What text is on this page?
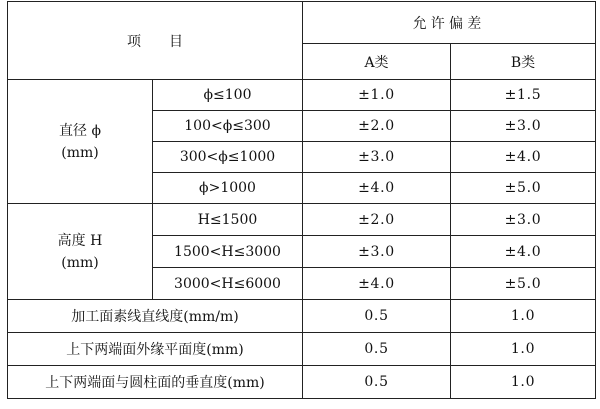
项　　目		允许偏差	
		A类	B类

直径 ϕ
(mm)	ϕ≤100	±1.0	±1.5
	100<ϕ≤300	±2.0	±3.0
	300<ϕ≤1000	±3.0	±4.0
	ϕ>1000	±4.0	±5.0

高度 H
(mm)	H≤1500	±2.0	±3.0
	1500<H≤3000	±3.0	±4.0
	3000<H≤6000	±4.0	±5.0
加工面素线直线度(mm/m)		0.5	1.0
上下两端面外缘平面度(mm)		0.5	1.0
上下两端面与圆柱面的垂直度(mm)		0.5	1.0
